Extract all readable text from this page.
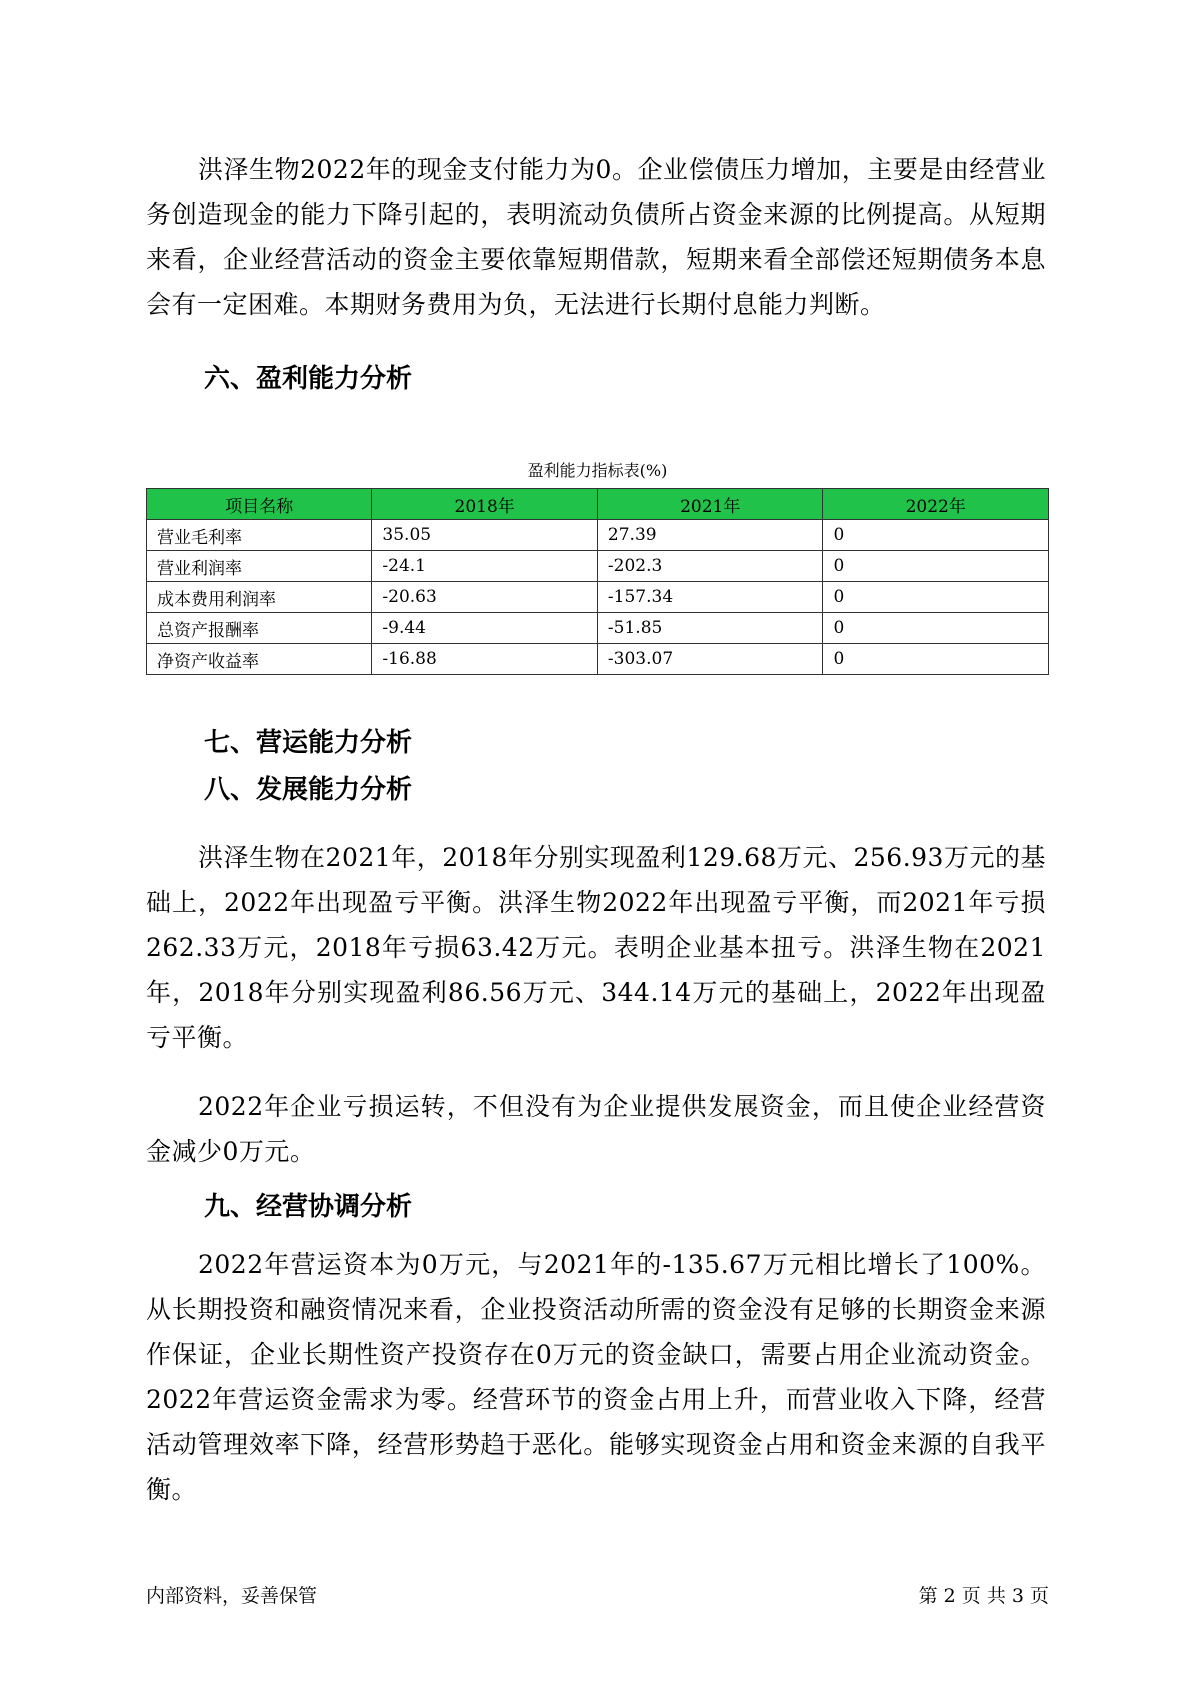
洪泽生物2022年的现金支付能力为0。企业偿债压力增加，主要是由经营业务创造现金的能力下降引起的，表明流动负债所占资金来源的比例提高。从短期来看，企业经营活动的资金主要依靠短期借款，短期来看全部偿还短期债务本息会有一定困难。本期财务费用为负，无法进行长期付息能力判断。

六、盈利能力分析
盈利能力指标表(%)
项目名称	2018年	2021年	2022年
营业毛利率	35.05	27.39	0
营业利润率	-24.1	-202.3	0
成本费用利润率	-20.63	-157.34	0
总资产报酬率	-9.44	-51.85	0
净资产收益率	-16.88	-303.07	0
七、营运能力分析
八、发展能力分析

洪泽生物在2021年，2018年分别实现盈利129.68万元、256.93万元的基础上，2022年出现盈亏平衡。洪泽生物2022年出现盈亏平衡，而2021年亏损262.33万元，2018年亏损63.42万元。表明企业基本扭亏。洪泽生物在2021年，2018年分别实现盈利86.56万元、344.14万元的基础上，2022年出现盈亏平衡。

2022年企业亏损运转，不但没有为企业提供发展资金，而且使企业经营资金减少0万元。

九、经营协调分析

2022年营运资本为0万元，与2021年的-135.67万元相比增长了100%。从长期投资和融资情况来看，企业投资活动所需的资金没有足够的长期资金来源作保证，企业长期性资产投资存在0万元的资金缺口，需要占用企业流动资金。2022年营运资金需求为零。经营环节的资金占用上升，而营业收入下降，经营活动管理效率下降，经营形势趋于恶化。能够实现资金占用和资金来源的自我平衡。

内部资料，妥善保管	第 2 页 共 3 页
